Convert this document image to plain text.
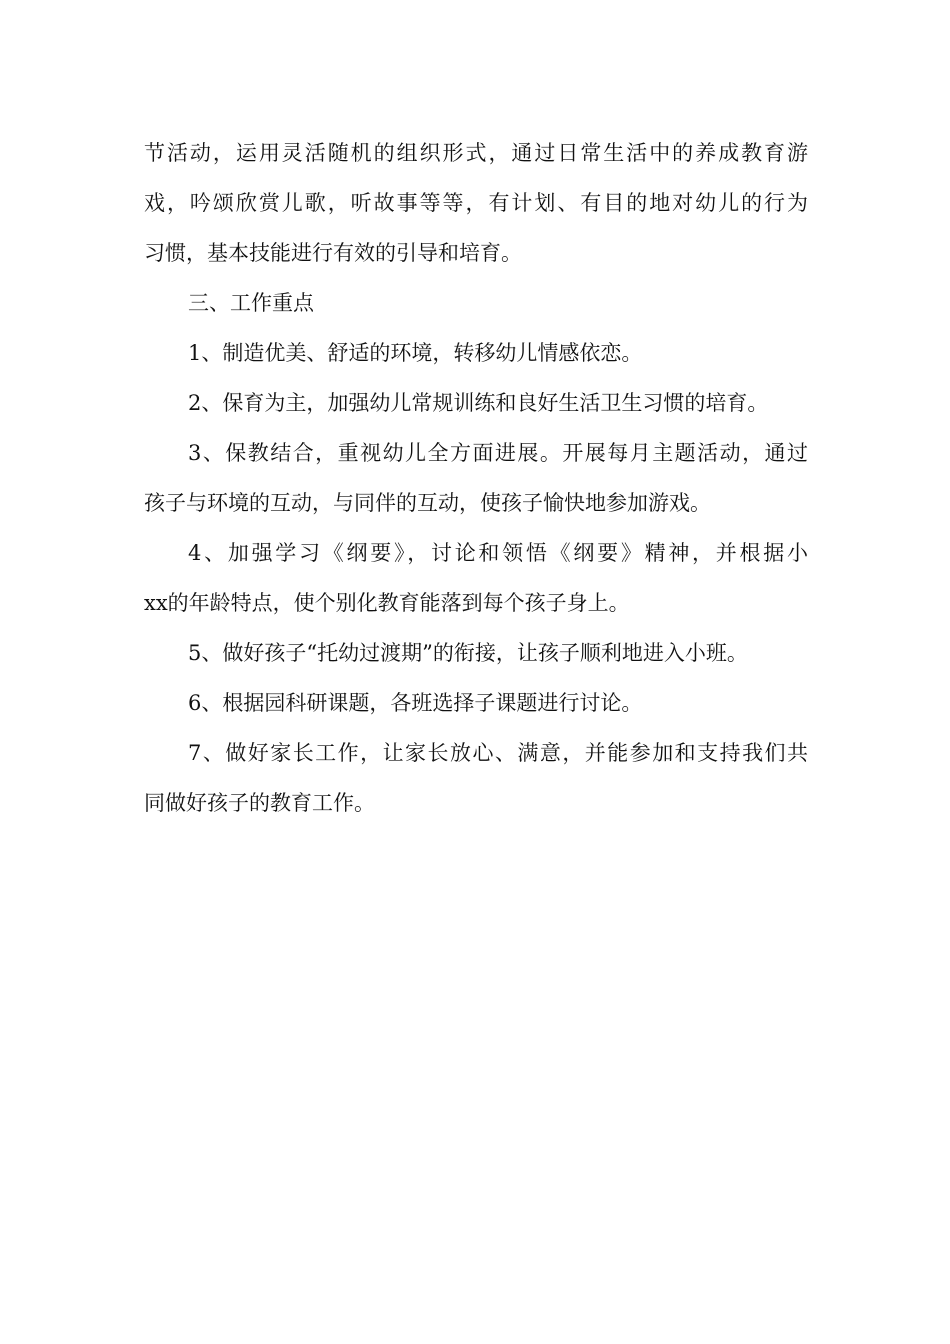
节活动，运用灵活随机的组织形式，通过日常生活中的养成教育游
戏，吟颂欣赏儿歌，听故事等等，有计划、有目的地对幼儿的行为
习惯，基本技能进行有效的引导和培育。
三、工作重点
1、制造优美、舒适的环境，转移幼儿情感依恋。
2、保育为主，加强幼儿常规训练和良好生活卫生习惯的培育。
3、保教结合，重视幼儿全方面进展。开展每月主题活动，通过
孩子与环境的互动，与同伴的互动，使孩子愉快地参加游戏。
4、加强学习《纲要》，讨论和领悟《纲要》精神，并根据小
xx的年龄特点，使个别化教育能落到每个孩子身上。
5、做好孩子“托幼过渡期”的衔接，让孩子顺利地进入小班。
6、根据园科研课题，各班选择子课题进行讨论。
7、做好家长工作，让家长放心、满意，并能参加和支持我们共
同做好孩子的教育工作。
